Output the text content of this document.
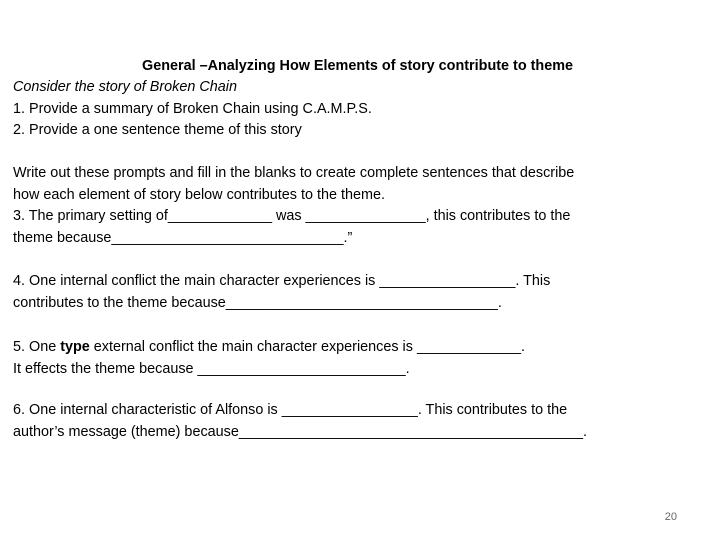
General –Analyzing How Elements of story contribute to theme
Consider the story of Broken Chain
1. Provide a summary of Broken Chain using C.A.M.P.S.
2. Provide a one sentence theme of this story
Write out these prompts and fill in the blanks to create complete sentences that describe
how each element of story below contributes to the theme.
3. The primary setting of_____________ was _______________, this contributes to the
theme because_____________________________.”
4. One internal conflict the main character experiences is _________________. This
contributes to the theme because__________________________________.
5. One type external conflict the main character experiences is _____________.
It effects the theme because __________________________.
6. One internal characteristic of Alfonso is _________________. This contributes to the
author’s message (theme) because___________________________________________.
20
